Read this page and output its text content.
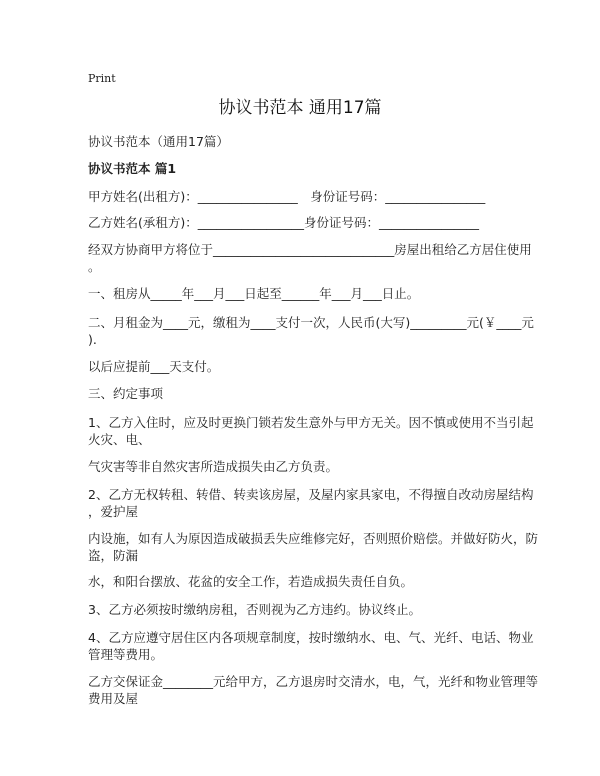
Print
协议书范本 通用17篇
协议书范本（通用17篇）
协议书范本 篇1
甲方姓名(出租方)：________________　身份证号码：________________
乙方姓名(承租方)：_________________身份证号码：________________
经双方协商甲方将位于_____________________________房屋出租给乙方居住使用
。
一、租房从_____年___月___日起至______年___月___日止。
二、月租金为____元，缴租为____支付一次，人民币(大写)_________元(￥____元
).
以后应提前___天支付。
三、约定事项
1、乙方入住时，应及时更换门锁若发生意外与甲方无关。因不慎或使用不当引起
火灾、电、
气灾害等非自然灾害所造成损失由乙方负责。
2、乙方无权转租、转借、转卖该房屋，及屋内家具家电，不得擅自改动房屋结构
，爱护屋
内设施，如有人为原因造成破损丢失应维修完好，否则照价赔偿。并做好防火，防
盗，防漏
水，和阳台摆放、花盆的安全工作，若造成损失责任自负。
3、乙方必须按时缴纳房租，否则视为乙方违约。协议终止。
4、乙方应遵守居住区内各项规章制度，按时缴纳水、电、气、光纤、电话、物业
管理等费用。
乙方交保证金________元给甲方，乙方退房时交清水，电，气，光纤和物业管理等
费用及屋
